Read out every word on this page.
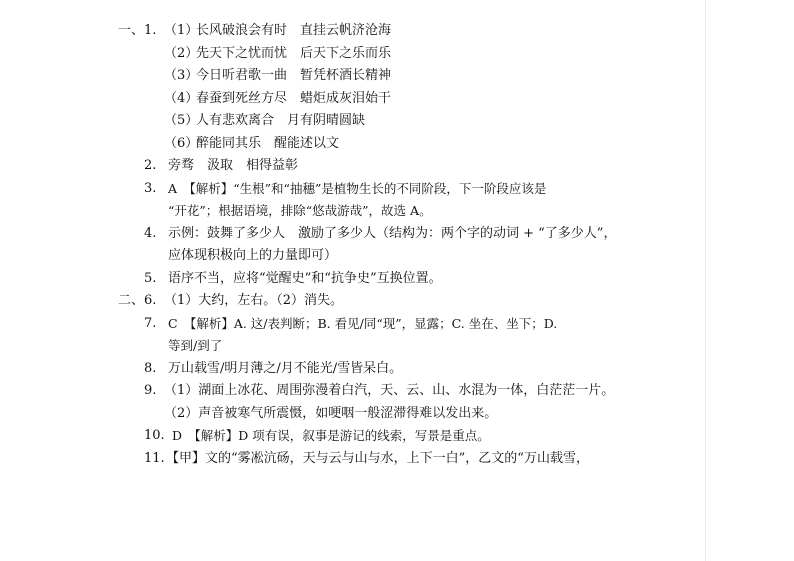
一、 1. （1）
长风破浪会有时　直挂云帆济沧海
（2）
先天下之忧而忧　后天下之乐而乐
（3）
今日听君歌一曲　暂凭杯酒长精神
（4）
春蚕到死丝方尽　蜡炬成灰泪始干
（5）
人有悲欢离合　月有阴晴圆缺
（6）
醉能同其乐　醒能述以文
2. 旁骛　汲取　相得益彰
3. A　【解析】“生根”和“抽穗”是植物生长的不同阶段，下一阶段应该是
“开花”；根据语境，排除“悠哉游哉”，故选 A。
4. 示例：鼓舞了多少人　激励了多少人（结构为：两个字的动词 + “了多少人”，
应体现积极向上的力量即可）
5. 语序不当，应将“觉醒史”和“抗争史”互换位置。
二、 6. （1）大约，左右。（2）消失。
7. C　【解析】A. 这/表判断；B. 看见/同“现”，显露；C. 坐在、坐下；D.
等到/到了
8. 万山载雪/明月薄之/月不能光/雪皆呆白。
9. （1）湖面上冰花、周围弥漫着白汽，天、云、山、水混为一体，白茫茫一片。
（2）声音被寒气所震慑，如哽咽一般涩滞得难以发出来。
10. D　【解析】D 项有误，叙事是游记的线索，写景是重点。
11. 【甲】文的“雾凇沆砀，天与云与山与水，上下一白”，乙文的“万山载雪，
